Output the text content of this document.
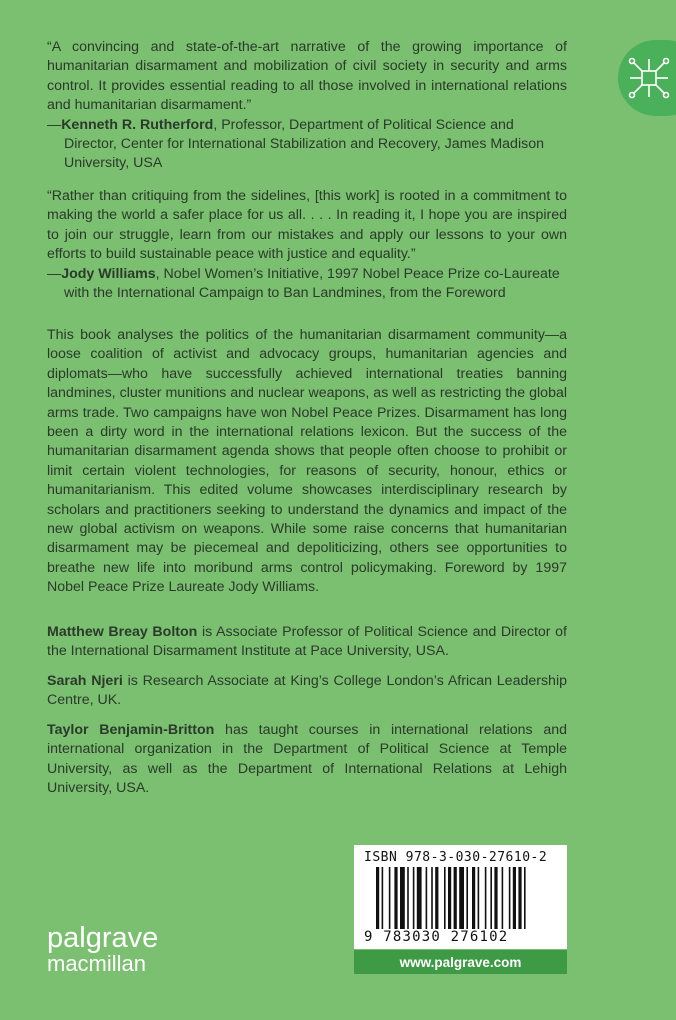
“A convincing and state-of-the-art narrative of the growing importance of humanitarian disarmament and mobilization of civil society in security and arms control. It provides essential reading to all those involved in international relations and humanitarian disarmament.”
—Kenneth R. Rutherford, Professor, Department of Political Science and Director, Center for International Stabilization and Recovery, James Madison University, USA
“Rather than critiquing from the sidelines, [this work] is rooted in a commitment to making the world a safer place for us all. . . . In reading it, I hope you are inspired to join our struggle, learn from our mistakes and apply our lessons to your own efforts to build sustainable peace with justice and equality.”
—Jody Williams, Nobel Women’s Initiative, 1997 Nobel Peace Prize co-Laureate with the International Campaign to Ban Landmines, from the Foreword
This book analyses the politics of the humanitarian disarmament community—a loose coalition of activist and advocacy groups, humanitarian agencies and diplomats—who have successfully achieved international treaties banning landmines, cluster munitions and nuclear weapons, as well as restricting the global arms trade. Two campaigns have won Nobel Peace Prizes. Disarmament has long been a dirty word in the international relations lexicon. But the success of the humanitarian disarmament agenda shows that people often choose to prohibit or limit certain violent technologies, for reasons of security, honour, ethics or humanitarianism. This edited volume showcases interdisciplinary research by scholars and practitioners seeking to understand the dynamics and impact of the new global activism on weapons. While some raise concerns that humanitarian disarmament may be piecemeal and depoliticizing, others see opportunities to breathe new life into moribund arms control policymaking. Foreword by 1997 Nobel Peace Prize Laureate Jody Williams.
Matthew Breay Bolton is Associate Professor of Political Science and Director of the International Disarmament Institute at Pace University, USA.
Sarah Njeri is Research Associate at King’s College London’s African Leadership Centre, UK.
Taylor Benjamin-Britton has taught courses in international relations and international organization in the Department of Political Science at Temple University, as well as the Department of International Relations at Lehigh University, USA.
palgrave
macmillan
ISBN 978-3-030-27610-2
9 783030 276102
www.palgrave.com
